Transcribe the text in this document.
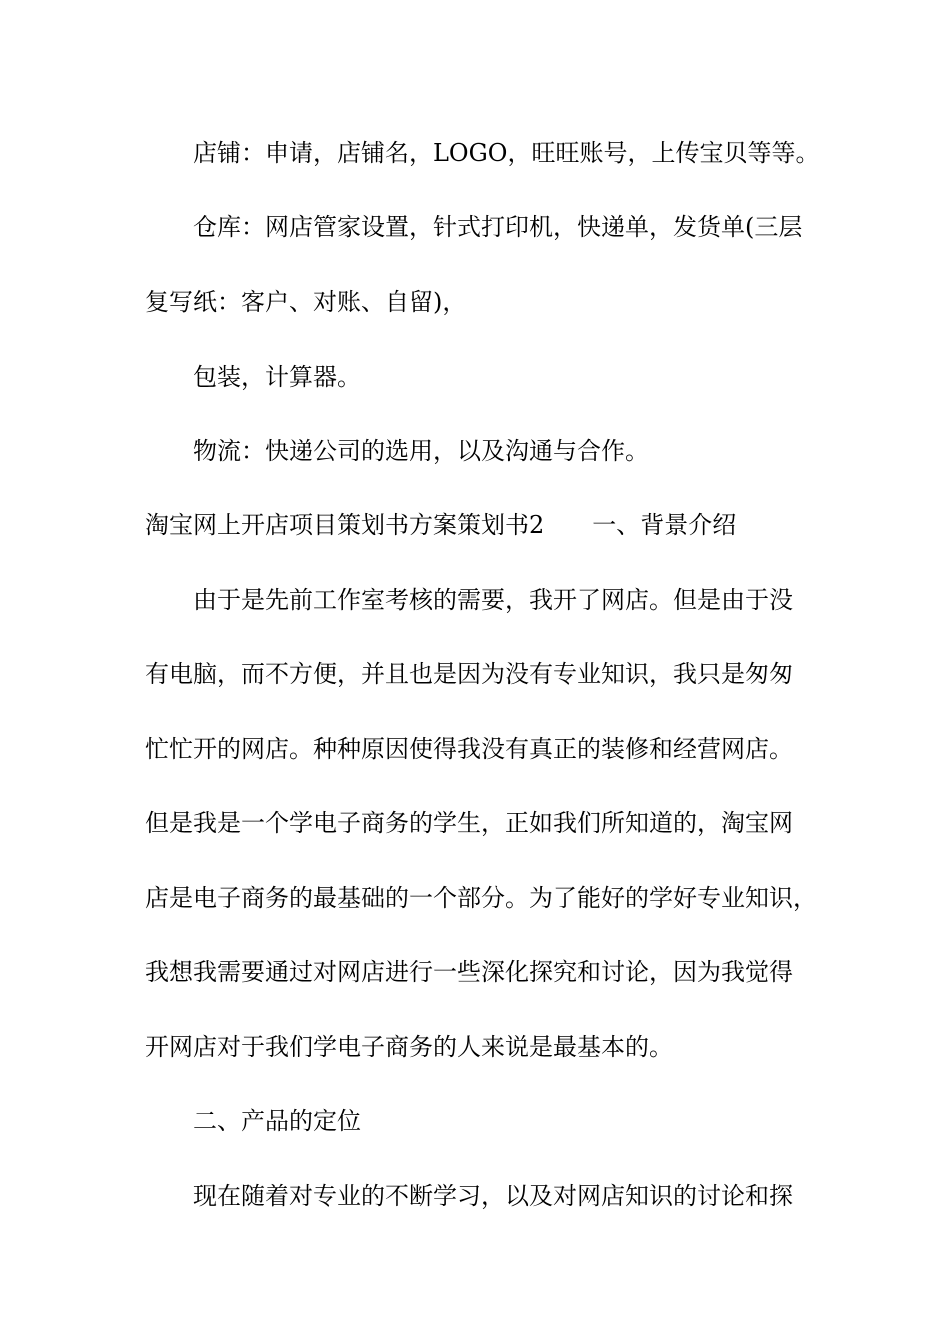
店铺：申请，店铺名，LOGO，旺旺账号，上传宝贝等等。

仓库：网店管家设置，针式打印机，快递单，发货单(三层

复写纸：客户、对账、自留)，

包装，计算器。

物流：快递公司的选用，以及沟通与合作。

淘宝网上开店项目策划书方案策划书2　　一、背景介绍

由于是先前工作室考核的需要，我开了网店。但是由于没

有电脑，而不方便，并且也是因为没有专业知识，我只是匆匆

忙忙开的网店。种种原因使得我没有真正的装修和经营网店。

但是我是一个学电子商务的学生，正如我们所知道的，淘宝网

店是电子商务的最基础的一个部分。为了能好的学好专业知识，

我想我需要通过对网店进行一些深化探究和讨论，因为我觉得

开网店对于我们学电子商务的人来说是最基本的。

二、产品的定位

现在随着对专业的不断学习，以及对网店知识的讨论和探
